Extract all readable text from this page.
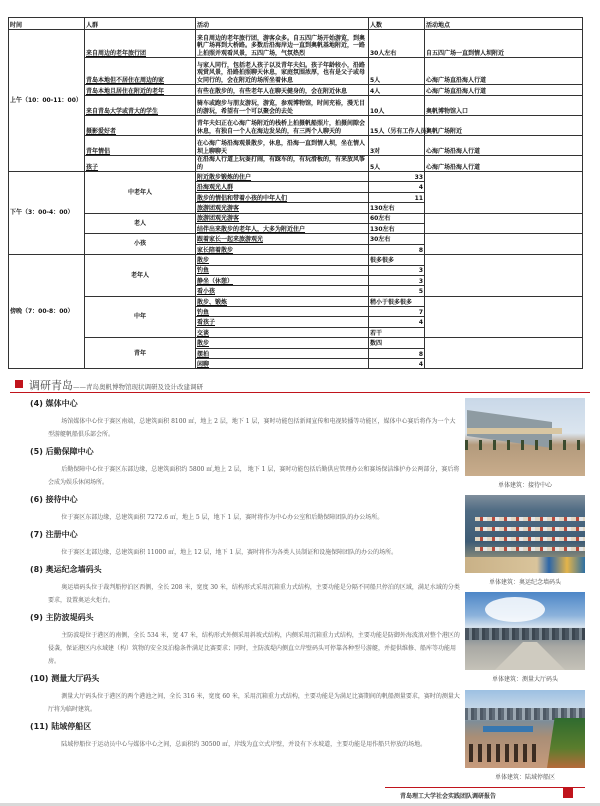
时间	人群	活动	人数	活动地点
上午（10：00-11：00）	来自周边的老年旅行团	来自周边的老年旅行团，游客众多。自五四广场开始游览，到奥帆广场再到大桥路。多数后沿海岸边一直到奥帆基地附近，一路上拍照并观看风景，五四广场，气氛热烈	30人左右	自五四广场一直到情人坝附近
	青岛本地但不居住在周边的家	与家人同行，包括老人孩子以及青年夫妇。孩子年龄较小，沿路观赏风景，沿路拍照聊天休息，家庭氛围浓厚，也有是父子或母女同行的，会在附近的场所坐着休息	5人	心海广场直沿海人行道
	青岛本地且居住在附近的老年	有些在散步的，有些老年人在聊天健身的，会在附近休息	4人	心海广场直沿海人行道
	来自青岛大学或青大的学生	骑车或跑步与朋友游玩，游览，参观博物馆，时间充裕，漫无目的游玩，希望有一个可以聚会的去处	10人	奥帆博物馆入口
	摄影爱好者	青年夫妇正在心海广场附近的栈桥上拍摄帆船照片，拍摄间隙会休息，有独自一个人在海边发呆的，有三两个人聊天的	15人（另有工作人员）	奥帆广场附近
	青年情侣	在心海广场沿海观景散步，休息，沿海一直到情人坝，坐在情人坝上聊聊天	3对	心海广场沿海人行道
	孩子	在沿海人行道上玩耍打闹，有踩车的，有玩滑板的，有来放风筝的	5人	心海广场沿海人行道
下午（3：00-4：00）	中老年人	附近散步锻炼的住户	33	
		沿海观光人群	4	
		散步的情侣和带着小孩的中年人们	11	
		旅游团观光游客	130左右	
	老人	旅游团观光游客	60左右	
		结伴出来散步的老年人，大多为附近住户	130左右	
	小孩	跟着家长一起来旅游观光	30左右	
		家长陪着散步	8	
傍晚（7：00-8：00）	老年人	散步	很多很多	
		钓鱼	3	
		静坐（休憩）	3	
		看小孩	5	
	中年	散步、锻炼	稍小于很多很多	
		钓鱼	7	
		看孩子	4	
		交谈	若干	
	青年	散步	数四	
		摆拍	8	
		闲聊	4	
调研青岛——青岛奥帆博物馆现状调研及设计改建调研
(4) 媒体中心

场馆媒体中心位于赛区南端，总建筑面积 8100 ㎡，地上 2 层，地下 1 层，赛时功能包括新闻宣传和电视转播等功能区，媒体中心赛后将作为一个大型游艇帆船俱乐部会所。

(5) 后勤保障中心

后勤保障中心位于赛区东部边缘，总建筑面积约 5800 ㎡,地上 2 层， 地下 1 层，赛时功能包括后勤供应管理办公和赛场保洁维护办公两部分，赛后将会成为娱乐休闲场所。

(6) 接待中心

位于赛区东部边缘，总建筑面积 7272.6 ㎡，地上 5 层，地下 1 层，赛时将作为中心办公室和后勤保障团队的办公场所。

(7) 注册中心

位于赛区北部边缘，总建筑面积 11000 ㎡，地上 12 层，地下 1 层，赛时将作为各类人员制证和设施保障团队的办公的场所。

(8) 奥运纪念墙码头

奥运墙码头位于裁判船停泊区西侧，全长 208 米，宽度 30 米，结构形式采用沉箱重力式结构，主要功能是分隔不同船只停泊的区域，满足水域的分类要求，设置奥运火炬台。

(9) 主防波堤码头

主防波堤位于港区的南侧，全长 534 米，宽 47 米，结构形式外侧采用斜坡式结构，内侧采用沉箱重力式结构，主要功能是防御外海波浪对整个港区的侵袭，保证港区内水域建（构）筑物的安全及泊稳条件满足比赛要求；同时，主防波堤内侧直立岸壁码头可停靠各种型号游艇，并提供维修、船库等功能用房。

(10) 测量大厅码头

测量大厅码头位于港区的两个港池之间，全长 316 米，宽度 60 米，采用沉箱重力式结构，主要功能是为满足比赛期间的帆船测量要求，赛时的测量大厅将为临时建筑。

(11) 陆域停船区

陆域停船位于运动员中心与媒体中心之间，总面积约 30500 ㎡，岸线为直立式岸壁，并设有下水坡道，主要功能是用作船只停放的场地。

单体建筑：接待中心
单体建筑：奥运纪念墙码头
单体建筑：测量大厅码头
单体建筑：陆域停船区
青岛理工大学社会实践团队调研报告
